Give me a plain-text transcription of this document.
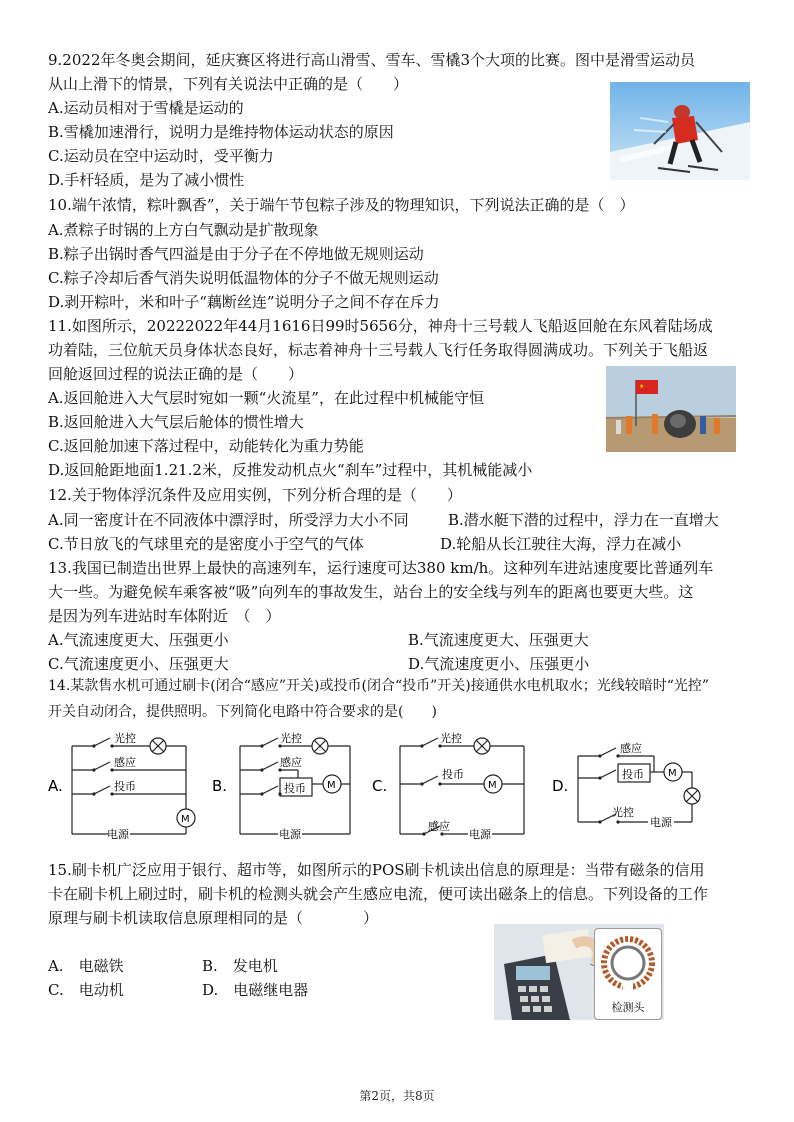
9.2022年冬奥会期间，延庆赛区将进行高山滑雪、雪车、雪橇3个大项的比赛。图中是滑雪运动员
从山上滑下的情景，下列有关说法中正确的是（　　）
A.运动员相对于雪橇是运动的
B.雪橇加速滑行，说明力是维持物体运动状态的原因
C.运动员在空中运动时，受平衡力
D.手杆轻质，是为了减小惯性
10.端午浓情，粽叶飘香”，关于端午节包粽子涉及的物理知识，下列说法正确的是（　）
A.煮粽子时锅的上方白气飘动是扩散现象
B.粽子出锅时香气四溢是由于分子在不停地做无规则运动
C.粽子冷却后香气消失说明低温物体的分子不做无规则运动
D.剥开粽叶，米和叶子“藕断丝连”说明分子之间不存在斥力
11.如图所示，20222022年44月1616日99时5656分，神舟十三号载人飞船返回舱在东风着陆场成
功着陆，三位航天员身体状态良好，标志着神舟十三号载人飞行任务取得圆满成功。下列关于飞船返
回舱返回过程的说法正确的是（　　）
A.返回舱进入大气层时宛如一颗“火流星”，在此过程中机械能守恒
B.返回舱进入大气层后舱体的惯性增大
C.返回舱加速下落过程中，动能转化为重力势能
D.返回舱距地面1.21.2米，反推发动机点火“刹车”过程中，其机械能减小
★
12.关于物体浮沉条件及应用实例，下列分析合理的是（　　）
A.同一密度计在不同液体中漂浮时，所受浮力大小不同	B.潜水艇下潜的过程中，浮力在一直增大
C.节日放飞的气球里充的是密度小于空气的气体	D.轮船从长江驶往大海，浮力在减小
13.我国已制造出世界上最快的高速列车，运行速度可达380 km/h。这种列车进站速度要比普通列车
大一些。为避免候车乘客被“吸”向列车的事故发生，站台上的安全线与列车的距离也要更大些。这
是因为列车进站时车体附近　（　）
A.气流速度更大、压强更小	B.气流速度更大、压强更大
C.气流速度更小、压强更大	D.气流速度更小、压强更小
14.某款售水机可通过刷卡(闭合“感应”开关)或投币(闭合“投币”开关)接通供水电机取水；光线较暗时“光控”
开关自动闭合，提供照明。下列简化电路中符合要求的是(　　)
A.
光控
感应
投币
M
电源
B.
光控
感应
投币 M
电源
C.
光控
投币
M
感应
电源
D.
感应
投币 M
光控
电源
15.刷卡机广泛应用于银行、超市等，如图所示的POS刷卡机读出信息的原理是：当带有磁条的信用
卡在刷卡机上刷过时，刷卡机的检测头就会产生感应电流，便可读出磁条上的信息。下列设备的工作
原理与刷卡机读取信息原理相同的是（　　　　）
A.　电磁铁	B.　发电机
C.　电动机	D.　电磁继电器
检测头
第2页，共8页
